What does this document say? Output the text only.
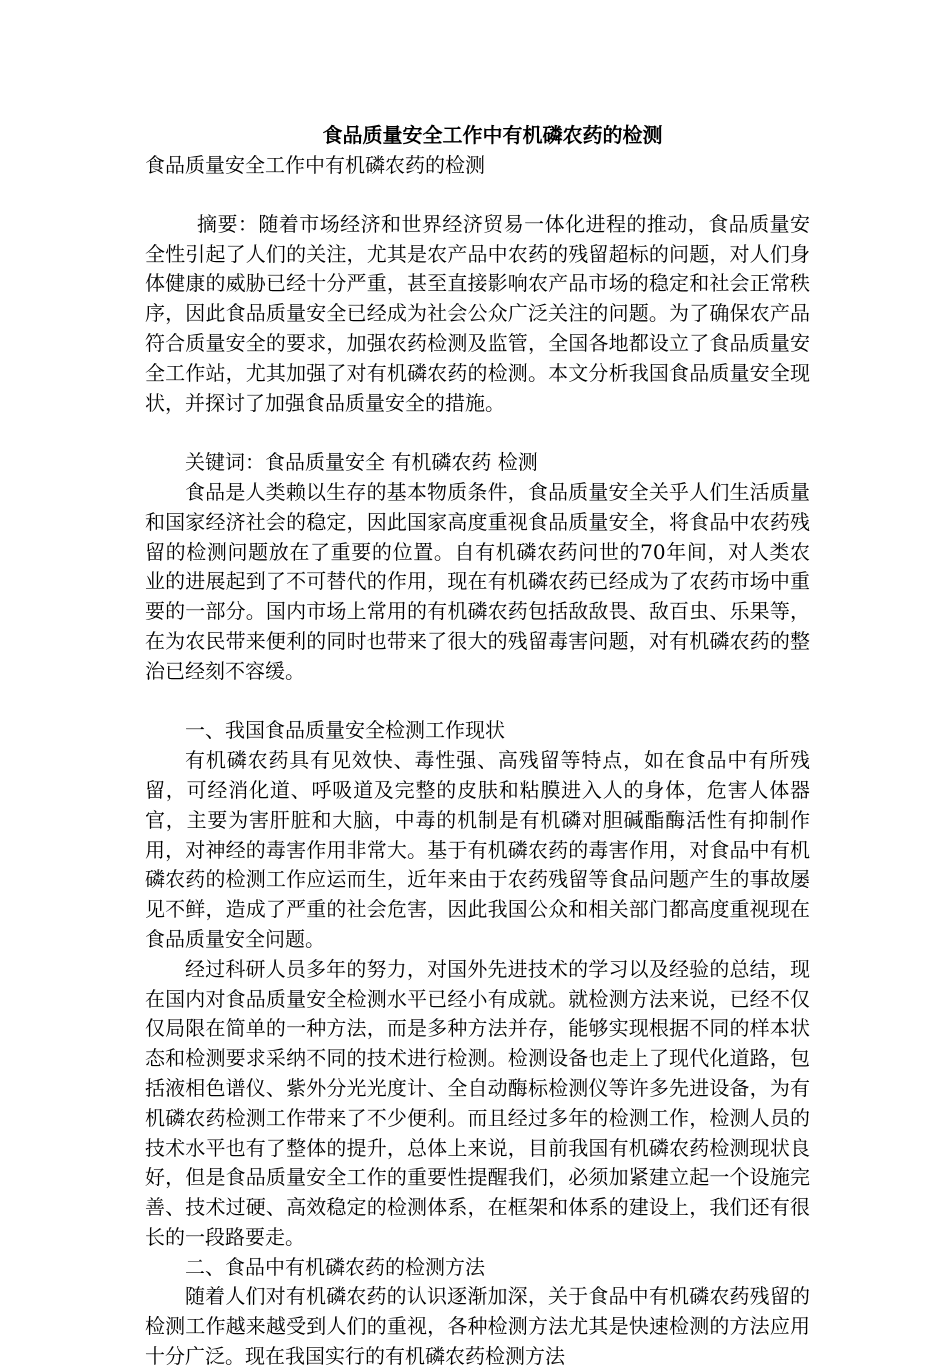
食品质量安全工作中有机磷农药的检测

食品质量安全工作中有机磷农药的检测

摘要：随着市场经济和世界经济贸易一体化进程的推动，食品质量安全性引起了人们的关注，尤其是农产品中农药的残留超标的问题，对人们身体健康的威胁已经十分严重，甚至直接影响农产品市场的稳定和社会正常秩序，因此食品质量安全已经成为社会公众广泛关注的问题。为了确保农产品符合质量安全的要求，加强农药检测及监管，全国各地都设立了食品质量安全工作站，尤其加强了对有机磷农药的检测。本文分析我国食品质量安全现状，并探讨了加强食品质量安全的措施。

关键词：食品质量安全 有机磷农药 检测

食品是人类赖以生存的基本物质条件，食品质量安全关乎人们生活质量和国家经济社会的稳定，因此国家高度重视食品质量安全，将食品中农药残留的检测问题放在了重要的位置。自有机磷农药问世的70年间，对人类农业的进展起到了不可替代的作用，现在有机磷农药已经成为了农药市场中重要的一部分。国内市场上常用的有机磷农药包括敌敌畏、敌百虫、乐果等，在为农民带来便利的同时也带来了很大的残留毒害问题，对有机磷农药的整治已经刻不容缓。

一、我国食品质量安全检测工作现状

有机磷农药具有见效快、毒性强、高残留等特点，如在食品中有所残留，可经消化道、呼吸道及完整的皮肤和粘膜进入人的身体，危害人体器官，主要为害肝脏和大脑，中毒的机制是有机磷对胆碱酯酶活性有抑制作用，对神经的毒害作用非常大。基于有机磷农药的毒害作用，对食品中有机磷农药的检测工作应运而生，近年来由于农药残留等食品问题产生的事故屡见不鲜，造成了严重的社会危害，因此我国公众和相关部门都高度重视现在食品质量安全问题。

经过科研人员多年的努力，对国外先进技术的学习以及经验的总结，现在国内对食品质量安全检测水平已经小有成就。就检测方法来说，已经不仅仅局限在简单的一种方法，而是多种方法并存，能够实现根据不同的样本状态和检测要求采纳不同的技术进行检测。检测设备也走上了现代化道路，包括液相色谱仪、紫外分光光度计、全自动酶标检测仪等许多先进设备，为有机磷农药检测工作带来了不少便利。而且经过多年的检测工作，检测人员的技术水平也有了整体的提升，总体上来说，目前我国有机磷农药检测现状良好，但是食品质量安全工作的重要性提醒我们，必须加紧建立起一个设施完善、技术过硬、高效稳定的检测体系，在框架和体系的建设上，我们还有很长的一段路要走。

二、食品中有机磷农药的检测方法

随着人们对有机磷农药的认识逐渐加深，关于食品中有机磷农药残留的检测工作越来越受到人们的重视，各种检测方法尤其是快速检测的方法应用十分广泛。现在我国实行的有机磷农药检测方法
